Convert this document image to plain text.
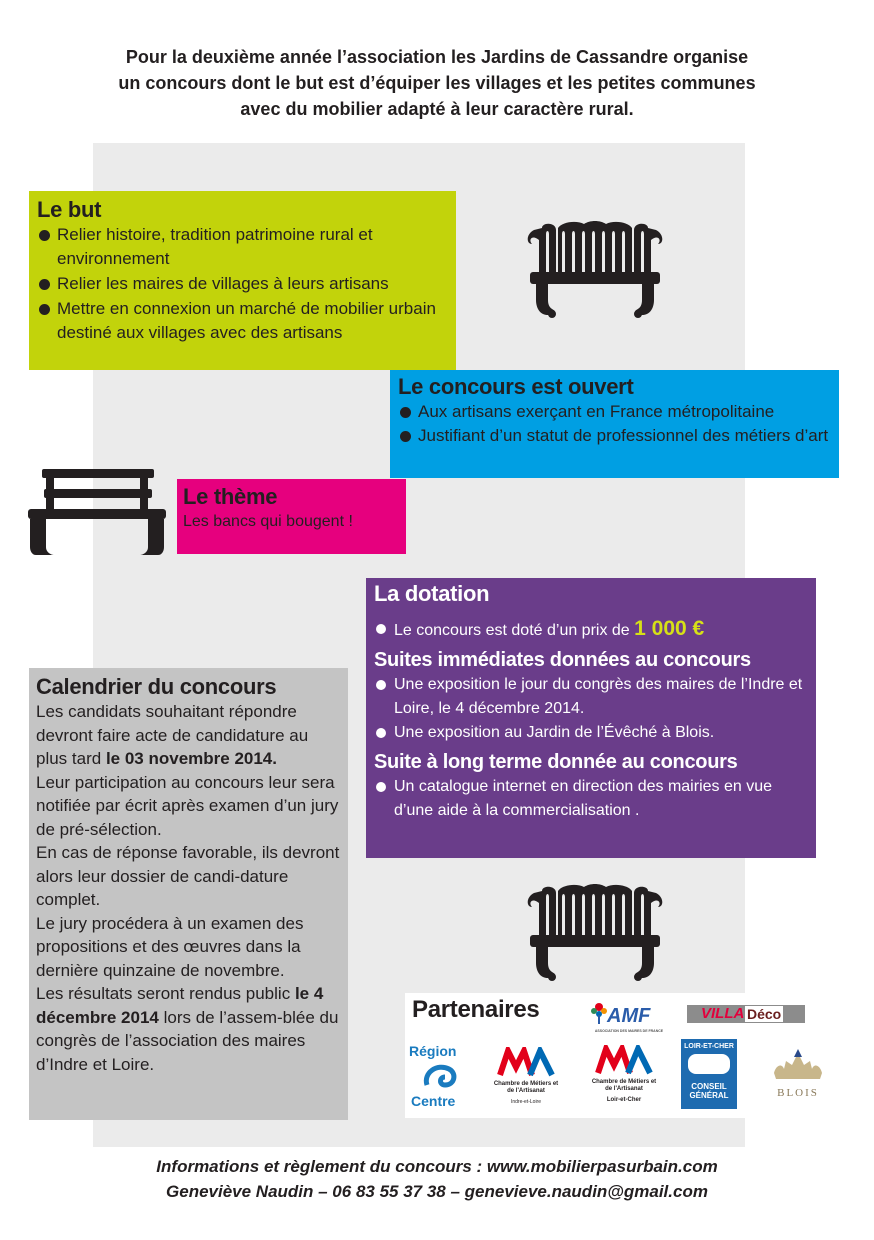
Pour la deuxième année l’association les Jardins de Cassandre organise

un concours dont le but est d’équiper les villages et les petites communes

avec du mobilier adapté à leur caractère rural.

Le but
Relier histoire, tradition patrimoine rural et environnement
Relier les maires de villages à leurs artisans
Mettre en connexion un marché de mobilier urbain destiné aux villages avec des artisans
Le concours est ouvert
Aux artisans exerçant en France métropolitaine
Justifiant d’un statut de professionnel des métiers d’art
Le thème
Les bancs qui bougent !
La dotation
Le concours est doté d’un prix de 1 000 €
Suites immédiates données au concours
Une exposition le jour du congrès des maires de l’Indre et Loire, le 4 décembre 2014.
Une exposition au Jardin de l’Évêché à Blois.
Suite à long terme donnée au concours
Un catalogue internet en direction des mairies en vue d’une aide à la commercialisation .
Calendrier du concours

Les candidats souhaitant répondre devront faire acte de candidature au plus tard le 03 novembre 2014.

Leur participation au concours leur sera notifiée par écrit après examen d’un jury de pré-sélection.

En cas de réponse favorable, ils devront alors leur dossier de candi-dature complet.

Le jury procédera à un examen des propositions et des œuvres dans la dernière quinzaine de novembre.

Les résultats seront rendus public le 4 décembre 2014 lors de l’assem-blée du congrès de l’association des maires d’Indre et Loire.

Partenaires	AMF
ASSOCIATION DES MAIRES DE FRANCE
VILLA Déco
Région
Centre
Chambre de Métiers et de l'Artisanat
Indre-et-Loire
Chambre de Métiers et de l'Artisanat
Loir-et-Cher
LOIR-ET-CHER
CONSEIL GÉNÉRAL	BLOIS

Informations et règlement du concours : www.mobilierpasurbain.com

Geneviève Naudin – 06 83 55 37 38 – genevieve.naudin@gmail.com
